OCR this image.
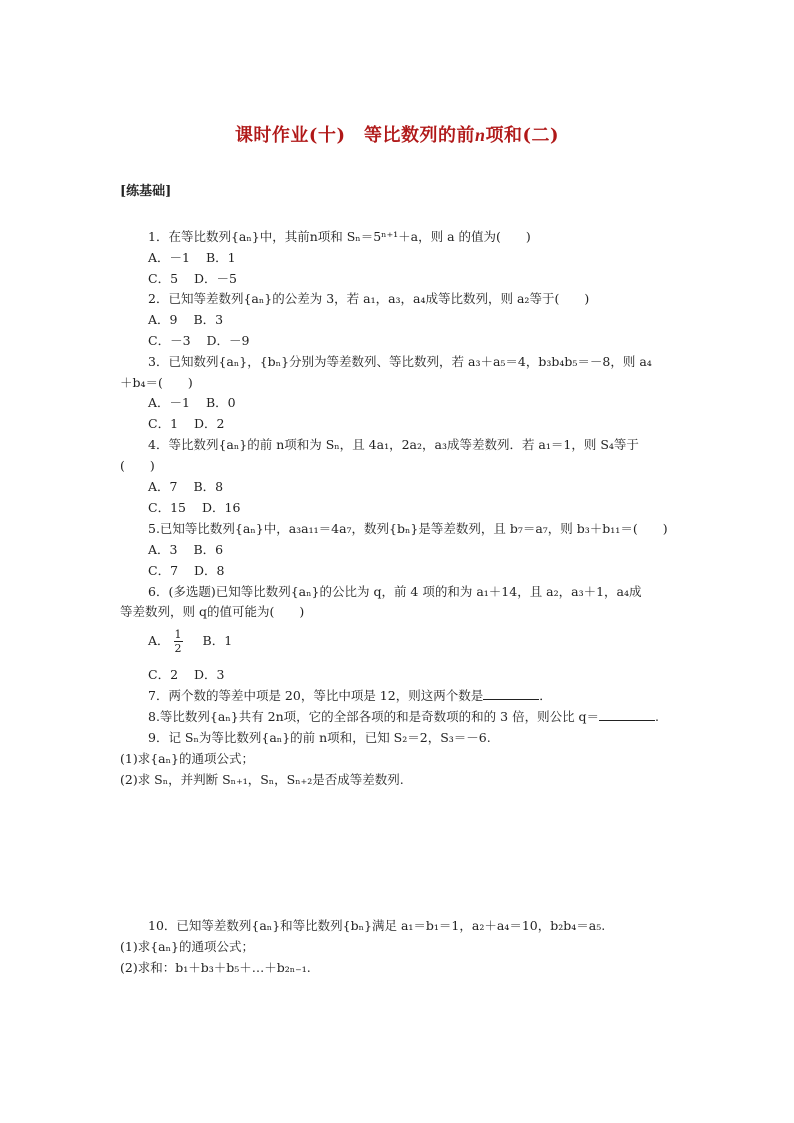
课时作业(十)　等比数列的前n项和(二)
[练基础]
1．在等比数列{aₙ}中，其前n项和 Sₙ＝5ⁿ⁺¹＋a，则 a 的值为(　　)
A．－1 B．1
C．5 D．－5
2．已知等差数列{aₙ}的公差为 3，若 a₁，a₃，a₄成等比数列，则 a₂等于(　　)
A．9 B．3
C．－3 D．－9
3．已知数列{aₙ}，{bₙ}分别为等差数列、等比数列，若 a₃＋a₅＝4，b₃b₄b₅＝－8，则 a₄
＋b₄＝(　　)
A．－1 B．0
C．1 D．2
4．等比数列{aₙ}的前 n项和为 Sₙ，且 4a₁，2a₂，a₃成等差数列．若 a₁＝1，则 S₄等于
(　　)
A．7 B．8
C．15 D．16
5.已知等比数列{aₙ}中，a₃a₁₁＝4a₇，数列{bₙ}是等差数列，且 b₇＝a₇，则 b₃＋b₁₁＝(　　)
A．3 B．6
C．7 D．8
6．(多选题)已知等比数列{aₙ}的公比为 q，前 4 项的和为 a₁＋14，且 a₂，a₃＋1，a₄成
等差数列，则 q的值可能为(　　)
A． $\frac{1}{2}$ B．1
C．2 D．3
7．两个数的等差中项是 20，等比中项是 12，则这两个数是	．
8.等比数列{aₙ}共有 2n项，它的全部各项的和是奇数项的和的 3 倍，则公比 q＝	.
9．记 Sₙ为等比数列{aₙ}的前 n项和，已知 S₂＝2，S₃＝－6.
(1)求{aₙ}的通项公式；
(2)求 Sₙ，并判断 Sₙ₊₁，Sₙ，Sₙ₊₂是否成等差数列.
10．已知等差数列{aₙ}和等比数列{bₙ}满足 a₁＝b₁＝1，a₂＋a₄＝10，b₂b₄＝a₅.
(1)求{aₙ}的通项公式；
(2)求和：b₁＋b₃＋b₅＋…＋b₂ₙ₋₁.
